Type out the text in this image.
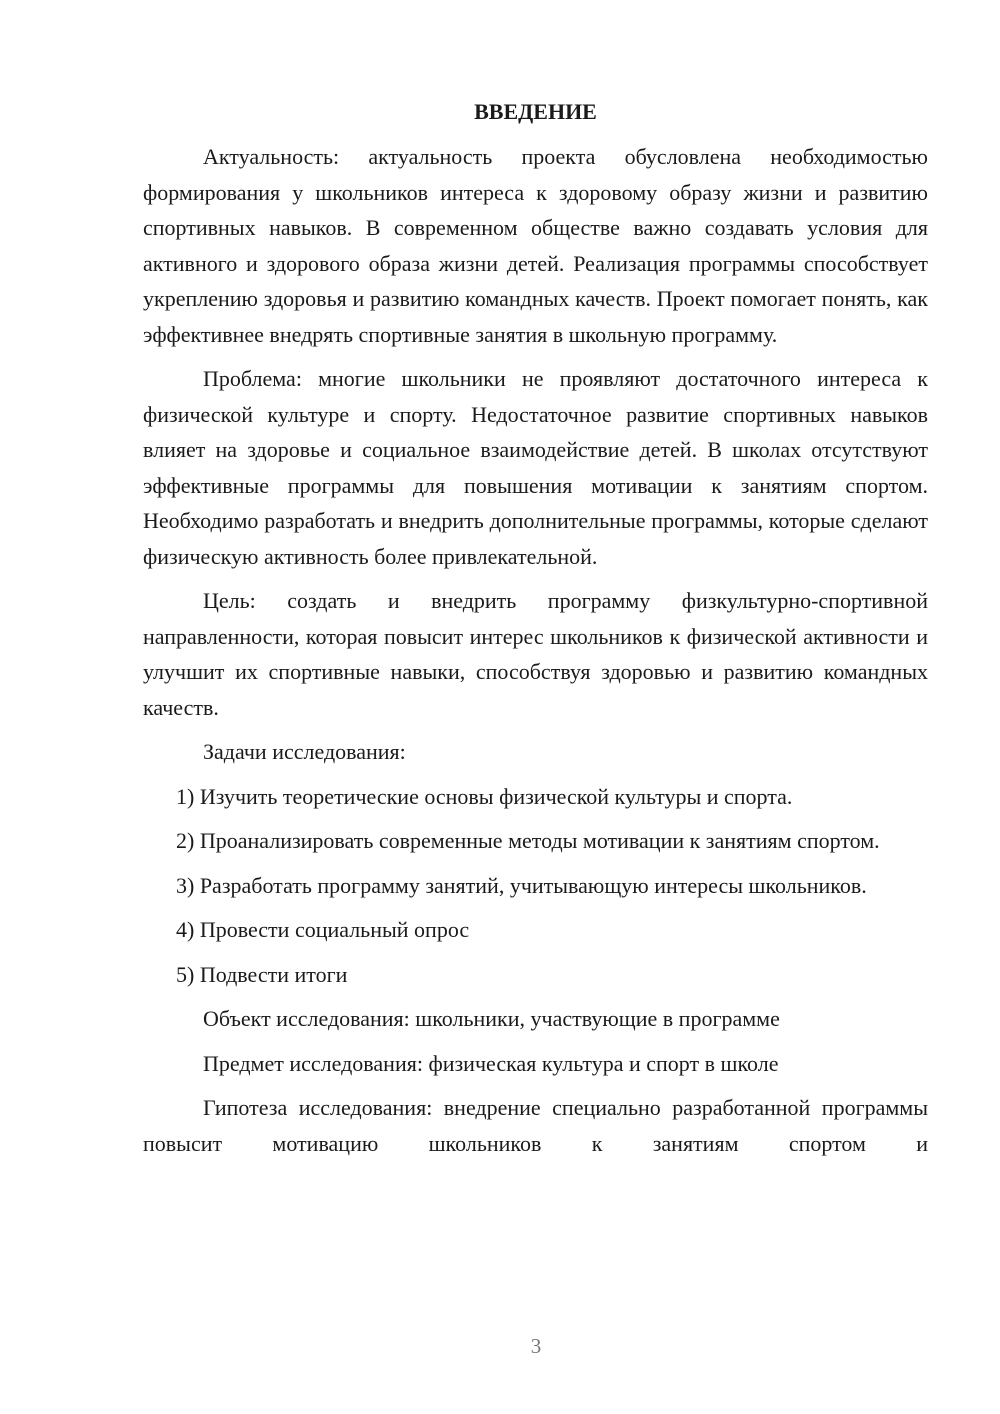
ВВЕДЕНИЕ

Актуальность: актуальность проекта обусловлена необходимостью формирования у школьников интереса к здоровому образу жизни и развитию спортивных навыков. В современном обществе важно создавать условия для активного и здорового образа жизни детей. Реализация программы способствует укреплению здоровья и развитию командных качеств. Проект помогает понять, как эффективнее внедрять спортивные занятия в школьную программу.

Проблема: многие школьники не проявляют достаточного интереса к физической культуре и спорту. Недостаточное развитие спортивных навыков влияет на здоровье и социальное взаимодействие детей. В школах отсутствуют эффективные программы для повышения мотивации к занятиям спортом. Необходимо разработать и внедрить дополнительные программы, которые сделают физическую активность более привлекательной.

Цель: создать и внедрить программу физкультурно-спортивной направленности, которая повысит интерес школьников к физической активности и улучшит их спортивные навыки, способствуя здоровью и развитию командных качеств.

Задачи исследования:

1) Изучить теоретические основы физической культуры и спорта.

2) Проанализировать современные методы мотивации к занятиям спортом.

3) Разработать программу занятий, учитывающую интересы школьников.

4) Провести социальный опрос

5) Подвести итоги

Объект исследования: школьники, участвующие в программе

Предмет исследования: физическая культура и спорт в школе

Гипотеза исследования: внедрение специально разработанной программы повысит мотивацию школьников к занятиям спортом и

3
